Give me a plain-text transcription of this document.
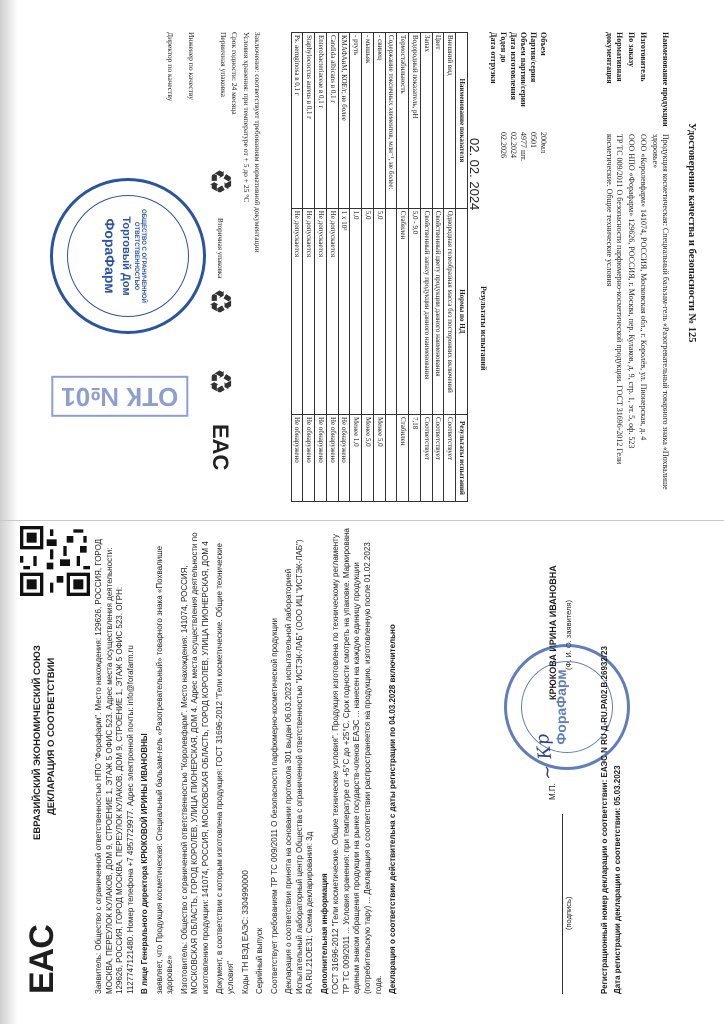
Удостоверение качества и безопасности № 125
Наименование продукции
Продукция косметическая: Специальный бальзам-гель «Разогревательный товарного знака «Похвалише здоровье»
Изготовитель
ООО «Королевфарм» 141074, РОССИЯ, Московская обл., г. Королёв, ул. Пионерская, д. 4
По заказу
ООО НПО «Форафарм» 129626, РОССИЯ, г. Москва, пер. Кулаков, д. 9, стр. 1, эт. 5, оф. 523
Нормативная документация
ТР ТС 009/2011 О безопасности парфюмерно-косметической продукции. ГОСТ 31696-2012 Гели косметические. Общие технические условия
Объем
200мл
Партия/серия
0501
Объем партии/серии
4977 шт.
Дата изготовления
02.2024
Годен до
02.2026
Дата отгрузки
02. 02. 2024
Результаты испытаний
Наименование показателя	Нормы по НД	Результаты испытаний
Внешний вид	Однородная гелеобразная масса без посторонних включений	Соответствует
Цвет	Свойственный цвету продукции данного наименования	Соответствует
Запах	Свойственный запаху продукции данного наименования	Соответствует
Водородный показатель, pH	5,0 - 9,0	7,18
Термостабильность	Стабилен	Стабилен
Содержание токсичных элементов, млн⁻¹, не более:		
- свинец	5,0	Менее 5,0
- мышьяк	5,0	Менее 5,0
- ртуть	1,0	Менее 1,0
КМАФАнМ, КОЕ/г, не более	1 x 10³	Не обнаружено
Candida albicans в 0,1 г	Не допускается	Не обнаружено
Enterobacteriaceae в 0,1 г	Не допускается	Не обнаружено
Staphylococcus aureus в 0,1 г	Не допускается	Не обнаружено
Ps. aeruginosa в 0,1 г	Не допускается	Не обнаружено
Заключение: соответствует требованиям нормативной документации
Условия хранения: при температуре от + 5 до + 25 °С
Срок годности: 24 месяца
Первичная упаковка
♻
Вторичная упаковка
♻
♻
EAC
Инженер по качеству
Директор по качеству
ОБЩЕСТВО С ОГРАНИЧЕННОЙ ОТВЕТСТВЕННОСТЬЮ
Торговый Дом
ФораФарм
ОТК №01
EAC
ЕВРАЗИЙСКИЙ ЭКОНОМИЧЕСКИЙ СОЮЗ ДЕКЛАРАЦИЯ О СООТВЕТСТВИИ	Заявитель: Общество с ограниченной ответственностью НПО "Форафарм". Место нахождения: 129626, РОССИЯ, ГОРОД МОСКВА, ПЕРЕУЛОК КУЛАКОВ, ДОМ 9, СТРОЕНИЕ 1, ЭТАЖ 5 ОФИС 523. Адрес места осуществления деятельности: 129626, РОССИЯ, ГОРОД МОСКВА, ПЕРЕУЛОК КУЛАКОВ, ДОМ 9, СТРОЕНИЕ 1, ЭТАЖ 5 ОФИС 523. ОГРН: 1127747121480. Номер телефона +7 4957729977. Адрес электронной почты: info@forafarm.ru В лице Генерального директора КРЮКОВОЙ ИРИНЫ ИВАНОВНЫ заявляет, что Продукция косметическая: Специальный бальзам-гель «Разогревательный» товарного знака «Похвалише здоровье» Изготовитель: Общество с ограниченной ответственностью "Королевфарм". Место нахождения: 141074, РОССИЯ, МОСКОВСКАЯ ОБЛАСТЬ, ГОРОД КОРОЛЕВ, УЛИЦА ПИОНЕРСКАЯ, ДОМ 4. Адрес места осуществления деятельности по изготовлению продукции: 141074, РОССИЯ, МОСКОВСКАЯ ОБЛАСТЬ, ГОРОД КОРОЛЕВ, УЛИЦА ПИОНЕРСКАЯ, ДОМ 4 Документ, в соответствии с которым изготовлена продукция: ГОСТ 31696-2012 "Гели косметические. Общие технические условия" Коды ТН ВЭД ЕАЭС: 3304990000 Серийный выпуск Соответствует требованиям ТР ТС 009/2011 О безопасности парфюмерно-косметической продукции Декларация о соответствии принята на основании протокола 301 выдан 06.03.2023 испытательной лабораторией Испытательный лабораторный центр Общества с ограниченной ответственностью "ИСТЭК-ЛАБ" (ООО ИЦ "ИСТЭК-ЛАБ") RA.RU.21ОЕ31; Схема декларирования: 3д Дополнительная информация ГОСТ 31696-2012 "Гели косметические. Общие технические условия". Продукция изготовлена по техническому регламенту ТР ТС 009/2011 ... Условия хранения: при температуре от +5°С до +25°С. Срок годности смотреть на упаковке. Маркирована единым знаком обращения продукции на рынке государств-членов ЕАЭС ... нанесен на каждую единицу продукции (потребительскую тару) ... Декларация о соответствии распространяется на продукцию, изготовленную после 01.02.2023 года. Декларация о соответствии действительна с даты регистрации по 04.03.2028 включительно	(подпись)
М.П.
КРЮКОВА ИРИНА ИВАНОВНА (Ф. И. О. заявителя)
~ Кр
ФораФарм	Регистрационный номер декларации о соответствии: ЕАЭС N RU Д-RU.РА02.В.26932/23 Дата регистрации декларации о соответствии: 05.03.2023
